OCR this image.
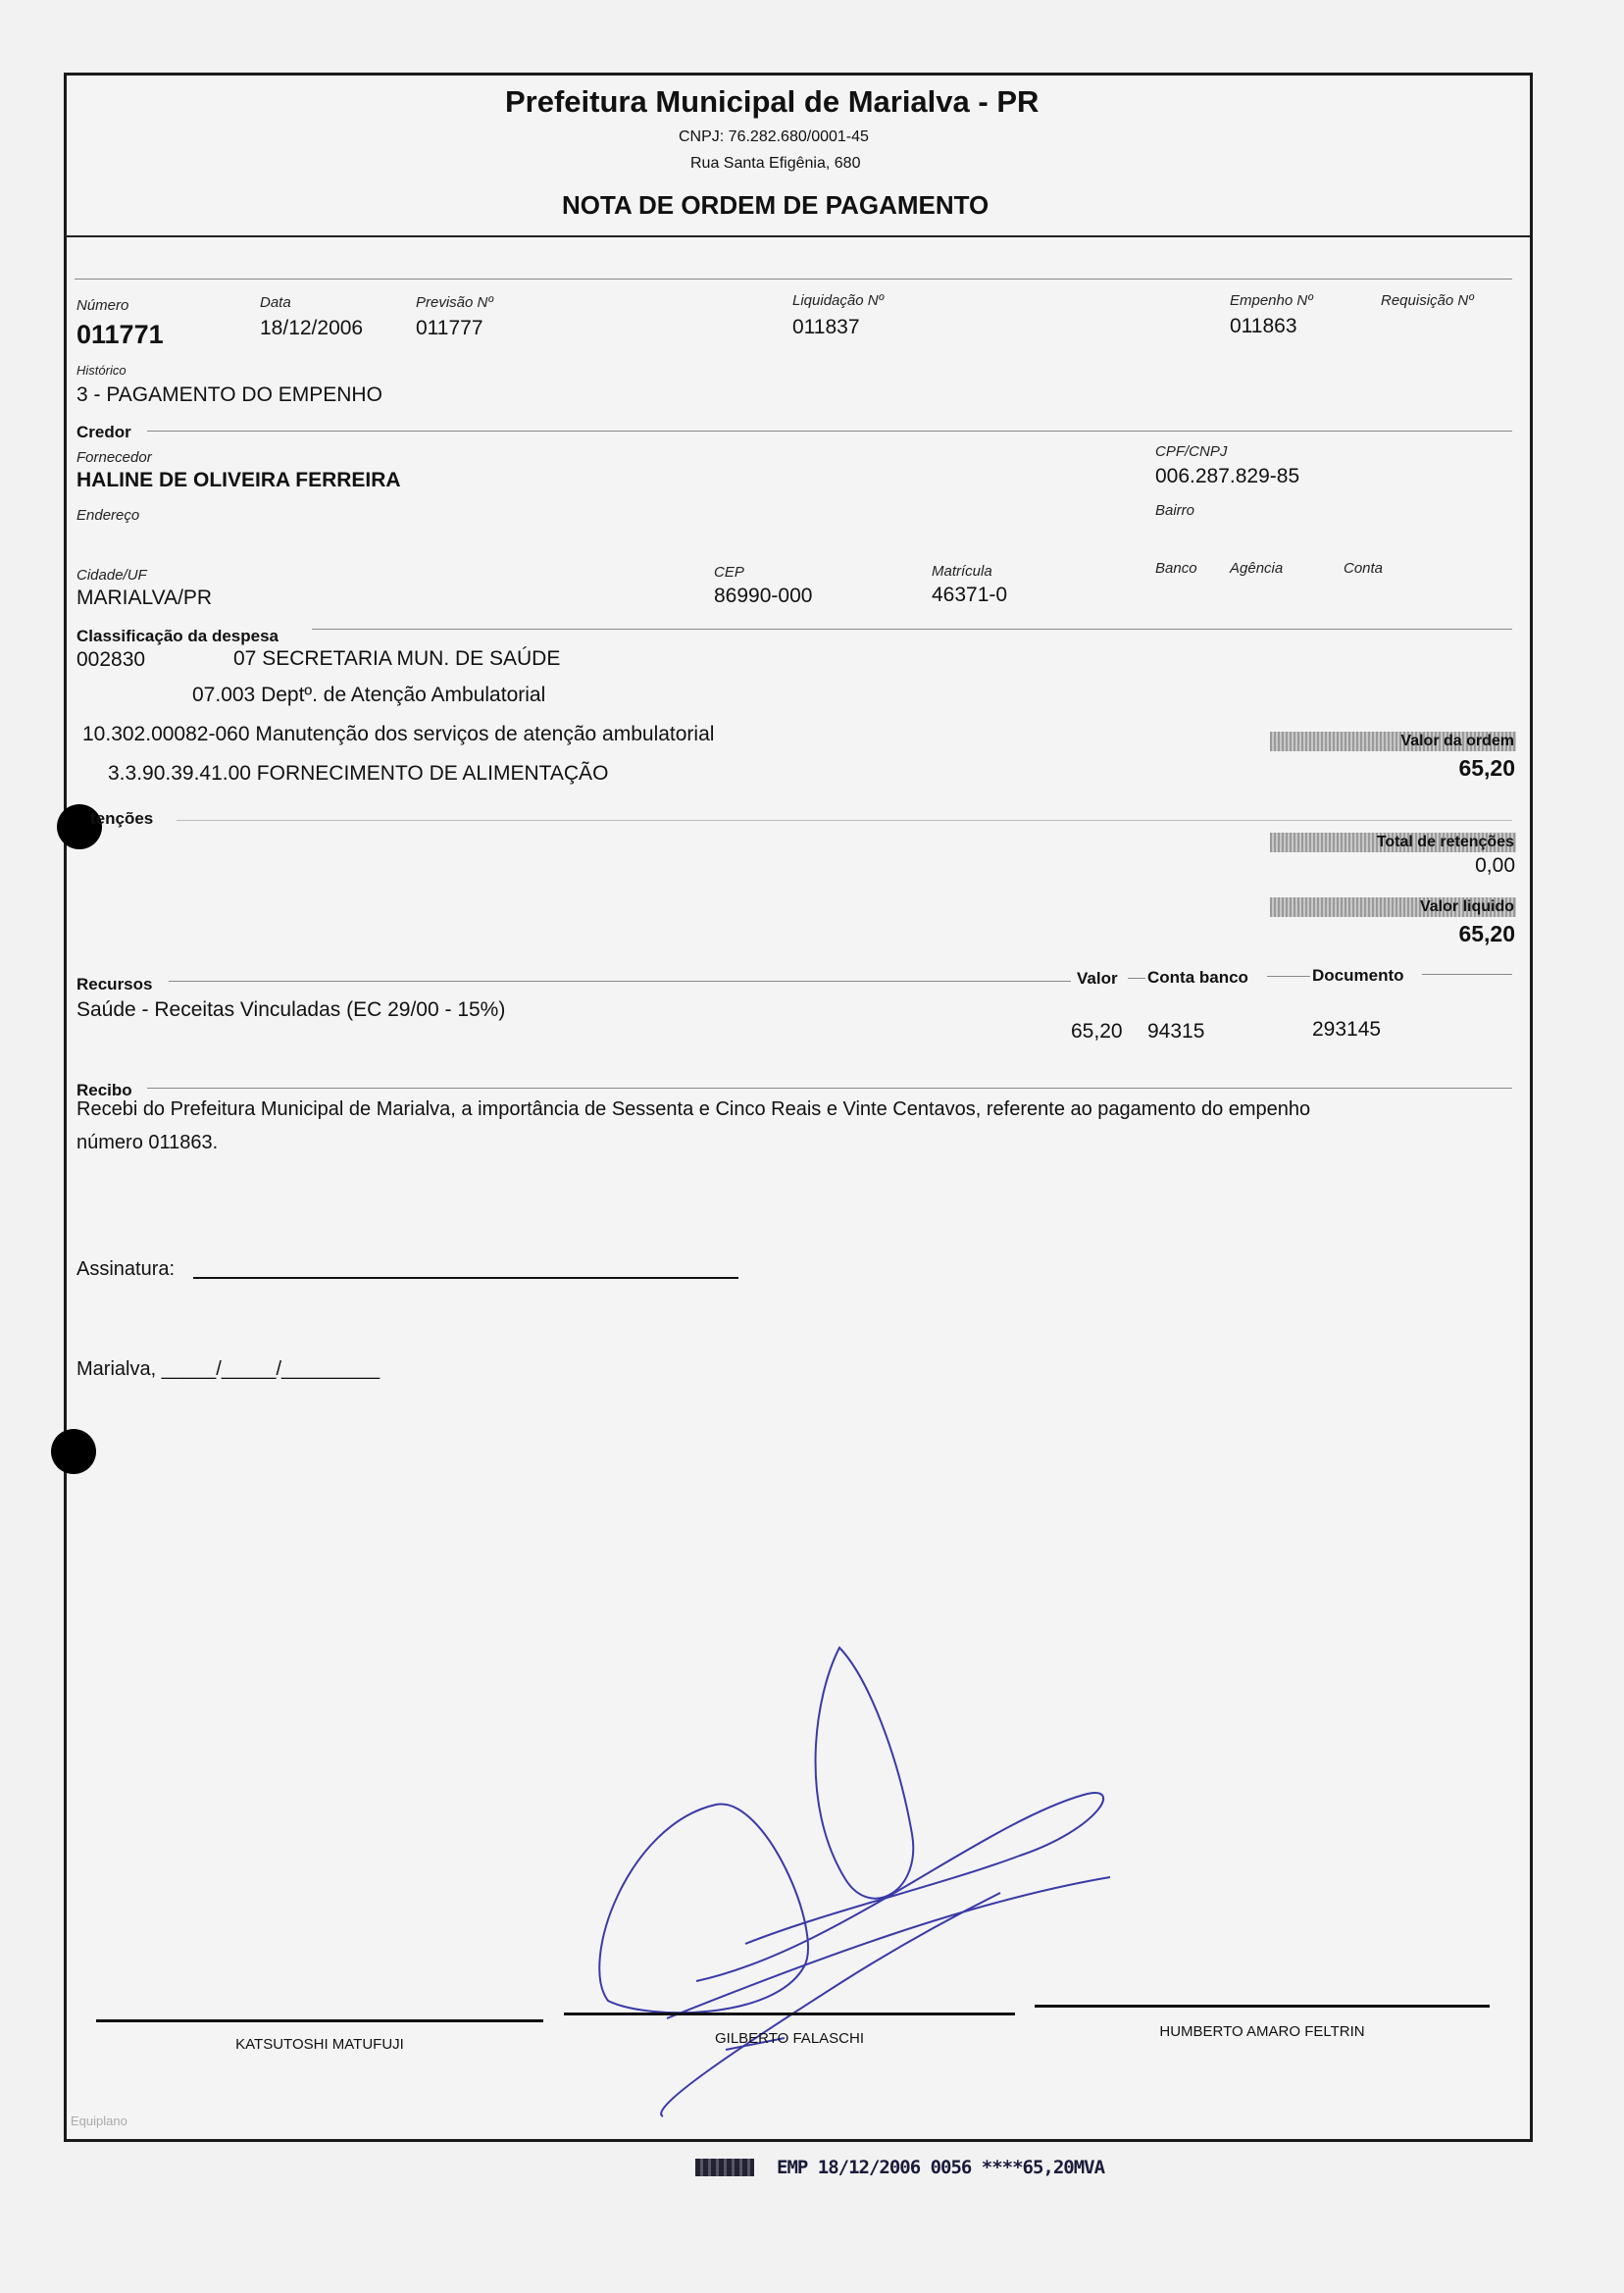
Prefeitura Municipal de Marialva - PR
CNPJ: 76.282.680/0001-45
Rua Santa Efigênia, 680
NOTA DE ORDEM DE PAGAMENTO
Número
011771
Data
18/12/2006
Previsão Nº
011777
Liquidação Nº
011837
Empenho Nº
011863
Requisição Nº
Histórico
3 - PAGAMENTO DO EMPENHO
Credor
Fornecedor
HALINE DE OLIVEIRA FERREIRA
CPF/CNPJ
006.287.829-85
Endereço	Bairro
Cidade/UF
MARIALVA/PR
CEP
86990-000
Matrícula
46371-0
Banco Agência	Conta
Classificação da despesa
002830	07 SECRETARIA MUN. DE SAÚDE
07.003 Deptº. de Atenção Ambulatorial
10.302.00082-060 Manutenção dos serviços de atenção ambulatorial
3.3.90.39.41.00 FORNECIMENTO DE ALIMENTAÇÃO
Valor da ordem
65,20
tenções
Total de retenções
0,00
Valor liquido
65,20
Recursos	Valor Conta banco	Documento
Saúde - Receitas Vinculadas (EC 29/00 - 15%)
65,20 94315	293145
Recibo
Recebi do Prefeitura Municipal de Marialva, a importância de Sessenta e Cinco Reais e Vinte Centavos, referente ao pagamento do empenho
número 011863.
Assinatura:
Marialva, _____/_____/_________
KATSUTOSHI MATUFUJI	GILBERTO FALASCHI	HUMBERTO AMARO FELTRIN
Equiplano
EMP 18/12/2006 0056 ****65,20MVA
